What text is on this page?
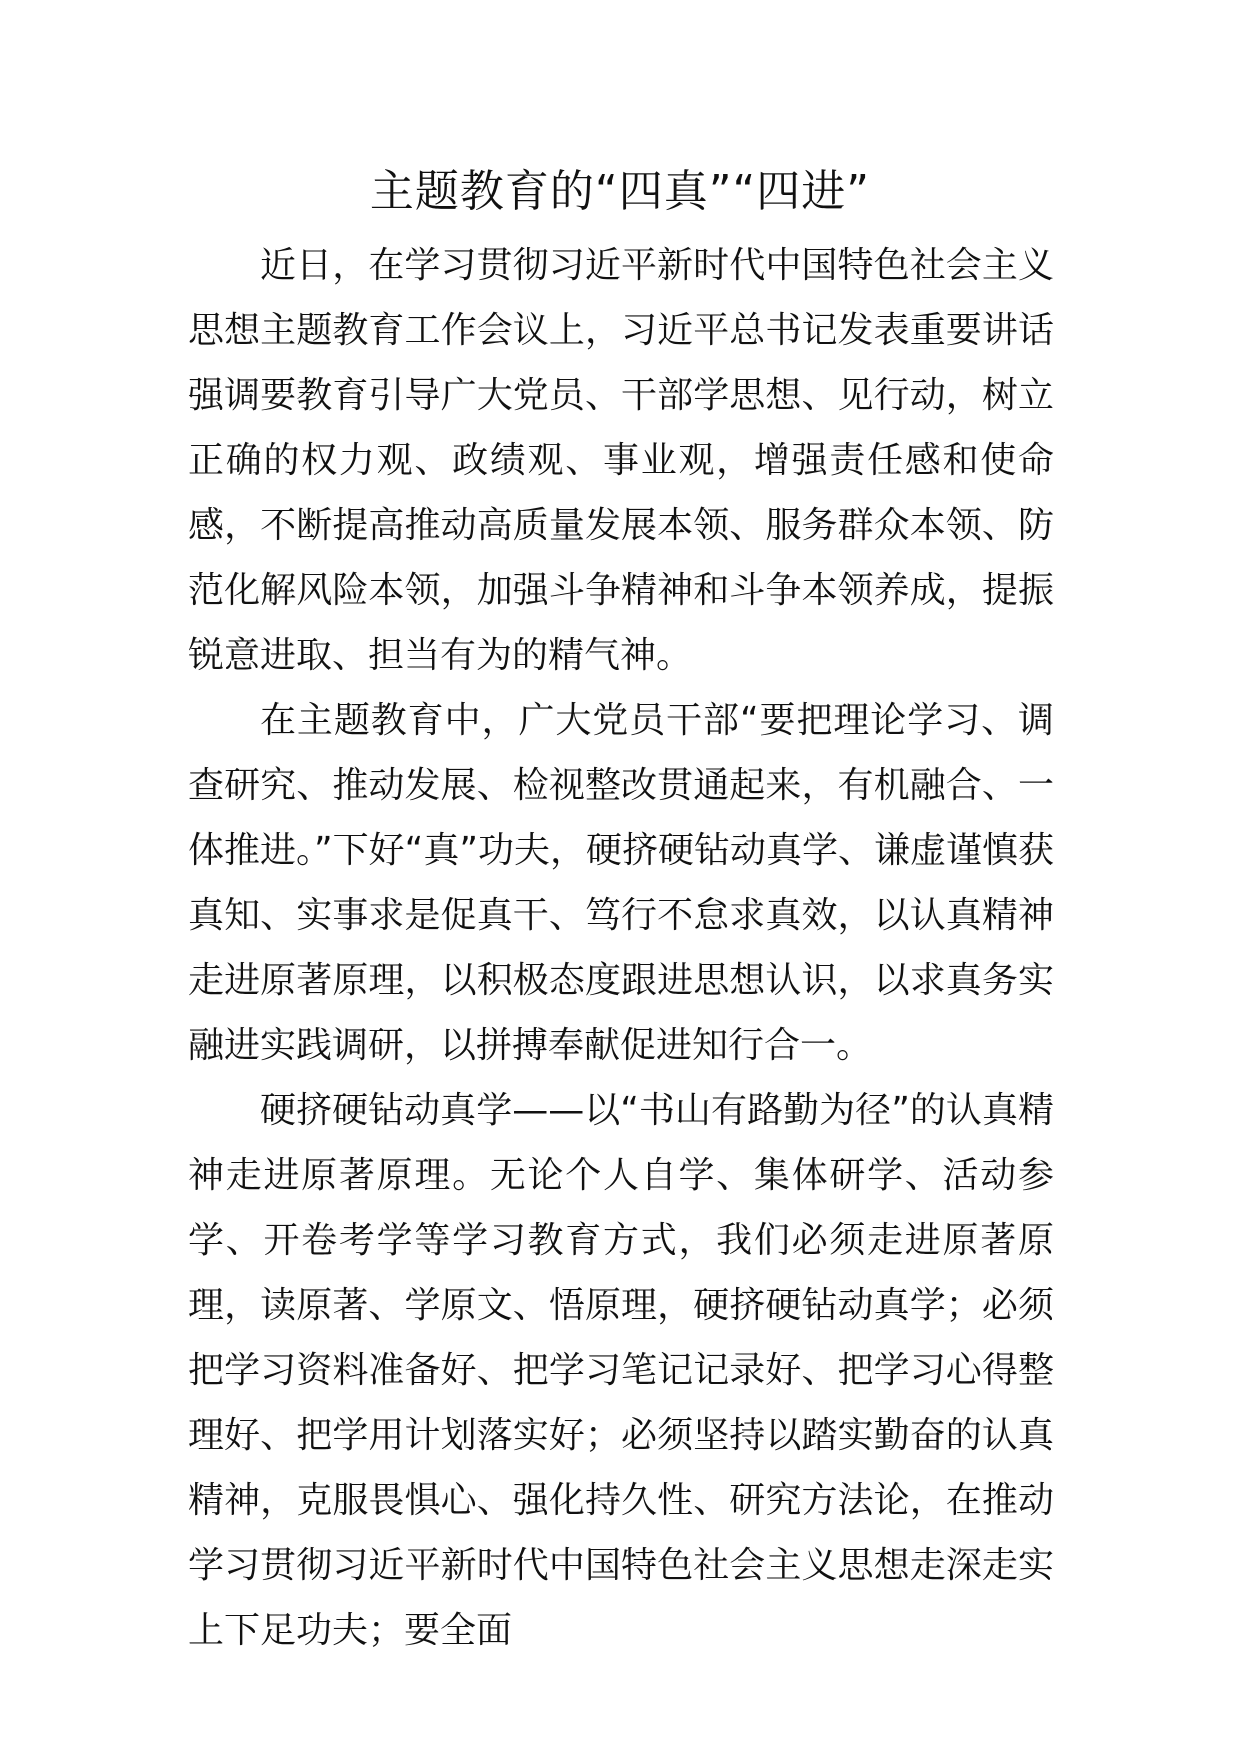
主题教育的“四真”“四进”

近日，在学习贯彻习近平新时代中国特色社会主义思想主题教育工作会议上，习近平总书记发表重要讲话强调要教育引导广大党员、干部学思想、见行动，树立正确的权力观、政绩观、事业观，增强责任感和使命感，不断提高推动高质量发展本领、服务群众本领、防范化解风险本领，加强斗争精神和斗争本领养成，提振锐意进取、担当有为的精气神。

在主题教育中，广大党员干部“要把理论学习、调查研究、推动发展、检视整改贯通起来，有机融合、一体推进。”下好“真”功夫，硬挤硬钻动真学、谦虚谨慎获真知、实事求是促真干、笃行不怠求真效，以认真精神走进原著原理，以积极态度跟进思想认识，以求真务实融进实践调研，以拼搏奉献促进知行合一。

硬挤硬钻动真学——以“书山有路勤为径”的认真精神走进原著原理。无论个人自学、集体研学、活动参学、开卷考学等学习教育方式，我们必须走进原著原理，读原著、学原文、悟原理，硬挤硬钻动真学；必须把学习资料准备好、把学习笔记记录好、把学习心得整理好、把学用计划落实好；必须坚持以踏实勤奋的认真精神，克服畏惧心、强化持久性、研究方法论，在推动学习贯彻习近平新时代中国特色社会主义思想走深走实上下足功夫；要全面
